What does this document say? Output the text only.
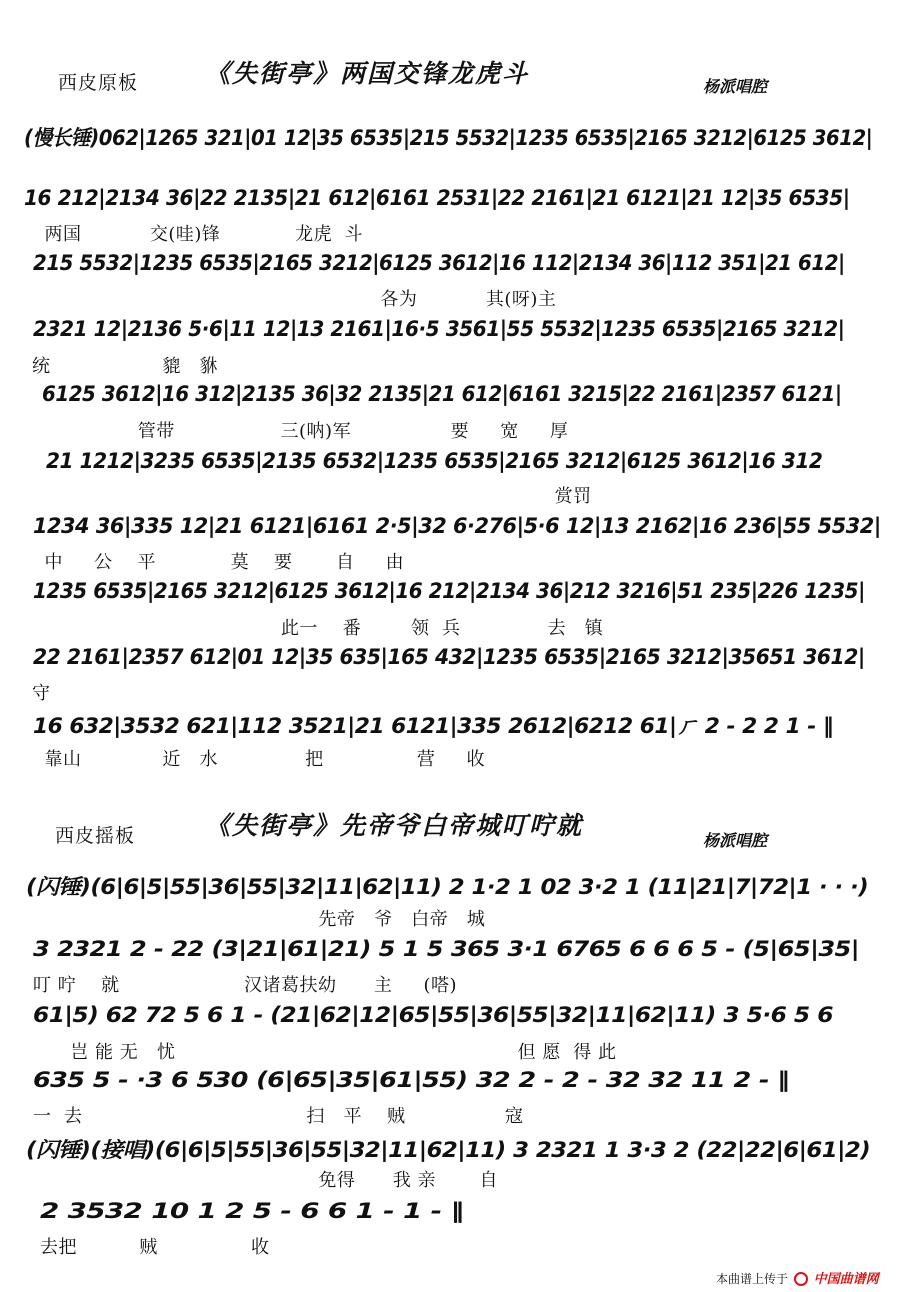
西皮原板	《失街亭》两国交锋龙虎斗	杨派唱腔
(慢长锤)062|1265 321|01 12|35 6535|215 5532|1235 6535|2165 3212|6125 3612|
16 212|2134 36|22 2135|21 612|6161 2531|22 2161|21 6121|21 12|35 6535|
两国           交(哇)锋            龙虎  斗
215 5532|1235 6535|2165 3212|6125 3612|16 112|2134 36|112 351|21 612|
各为           其(呀)主
2321 12|2136 5·6|11 12|13 2161|16·5 3561|55 5532|1235 6535|2165 3212|
统                  貔   貅
6125 3612|16 312|2135 36|32 2135|21 612|6161 3215|22 2161|2357 6121|
管带                 三(呐)军                要     宽     厚
21 1212|3235 6535|2135 6532|1235 6535|2165 3212|6125 3612|16 312
赏罚
1234 36|335 12|21 6121|6161 2·5|32 6·276|5·6 12|13 2162|16 236|55 5532|
中     公    平            莫    要       自     由
1235 6535|2165 3212|6125 3612|16 212|2134 36|212 3216|51 235|226 1235|
此一    番        领  兵              去   镇
22 2161|2357 612|01 12|35 635|165 432|1235 6535|2165 3212|35651 3612|
守
16 632|3532 621|112 3521|21 6121|335 2612|6212 61|ㄏ 2 - 2 2 1 - ‖
靠山             近   水              把               营     收
西皮摇板	《失街亭》先帝爷白帝城叮咛就
杨派唱腔
(闪锤)(6|6|5|55|36|55|32|11|62|11) 2 1·2 1 02 3·2 1 (11|21|7|72|1 · · ·)
先帝   爷   白帝   城
3 2321 2 - 22 (3|21|61|21) 5 1 5 365 3·1 6765 6 6 6 5 - (5|65|35|
叮 咛    就                    汉诸葛扶幼      主     (嗒)
61|5) 62 72 5 6 1 - (21|62|12|65|55|36|55|32|11|62|11) 3 5·6 5 6
岂 能 无   忧                                                       但 愿  得 此
635 5 - ·3 6 530 (6|65|35|61|55) 32 2 - 2 - 32 32 11 2 - ‖
一  去                                    扫   平    贼                寇
(闪锤)(接唱)(6|6|5|55|36|55|32|11|62|11) 3 2321 1 3·3 2 (22|22|6|61|2)
免得      我 亲       自
2 3532 10 1 2 5 - 6 6 1 - 1 - ‖
去把          贼               收
本曲谱上传于 中国曲谱网
